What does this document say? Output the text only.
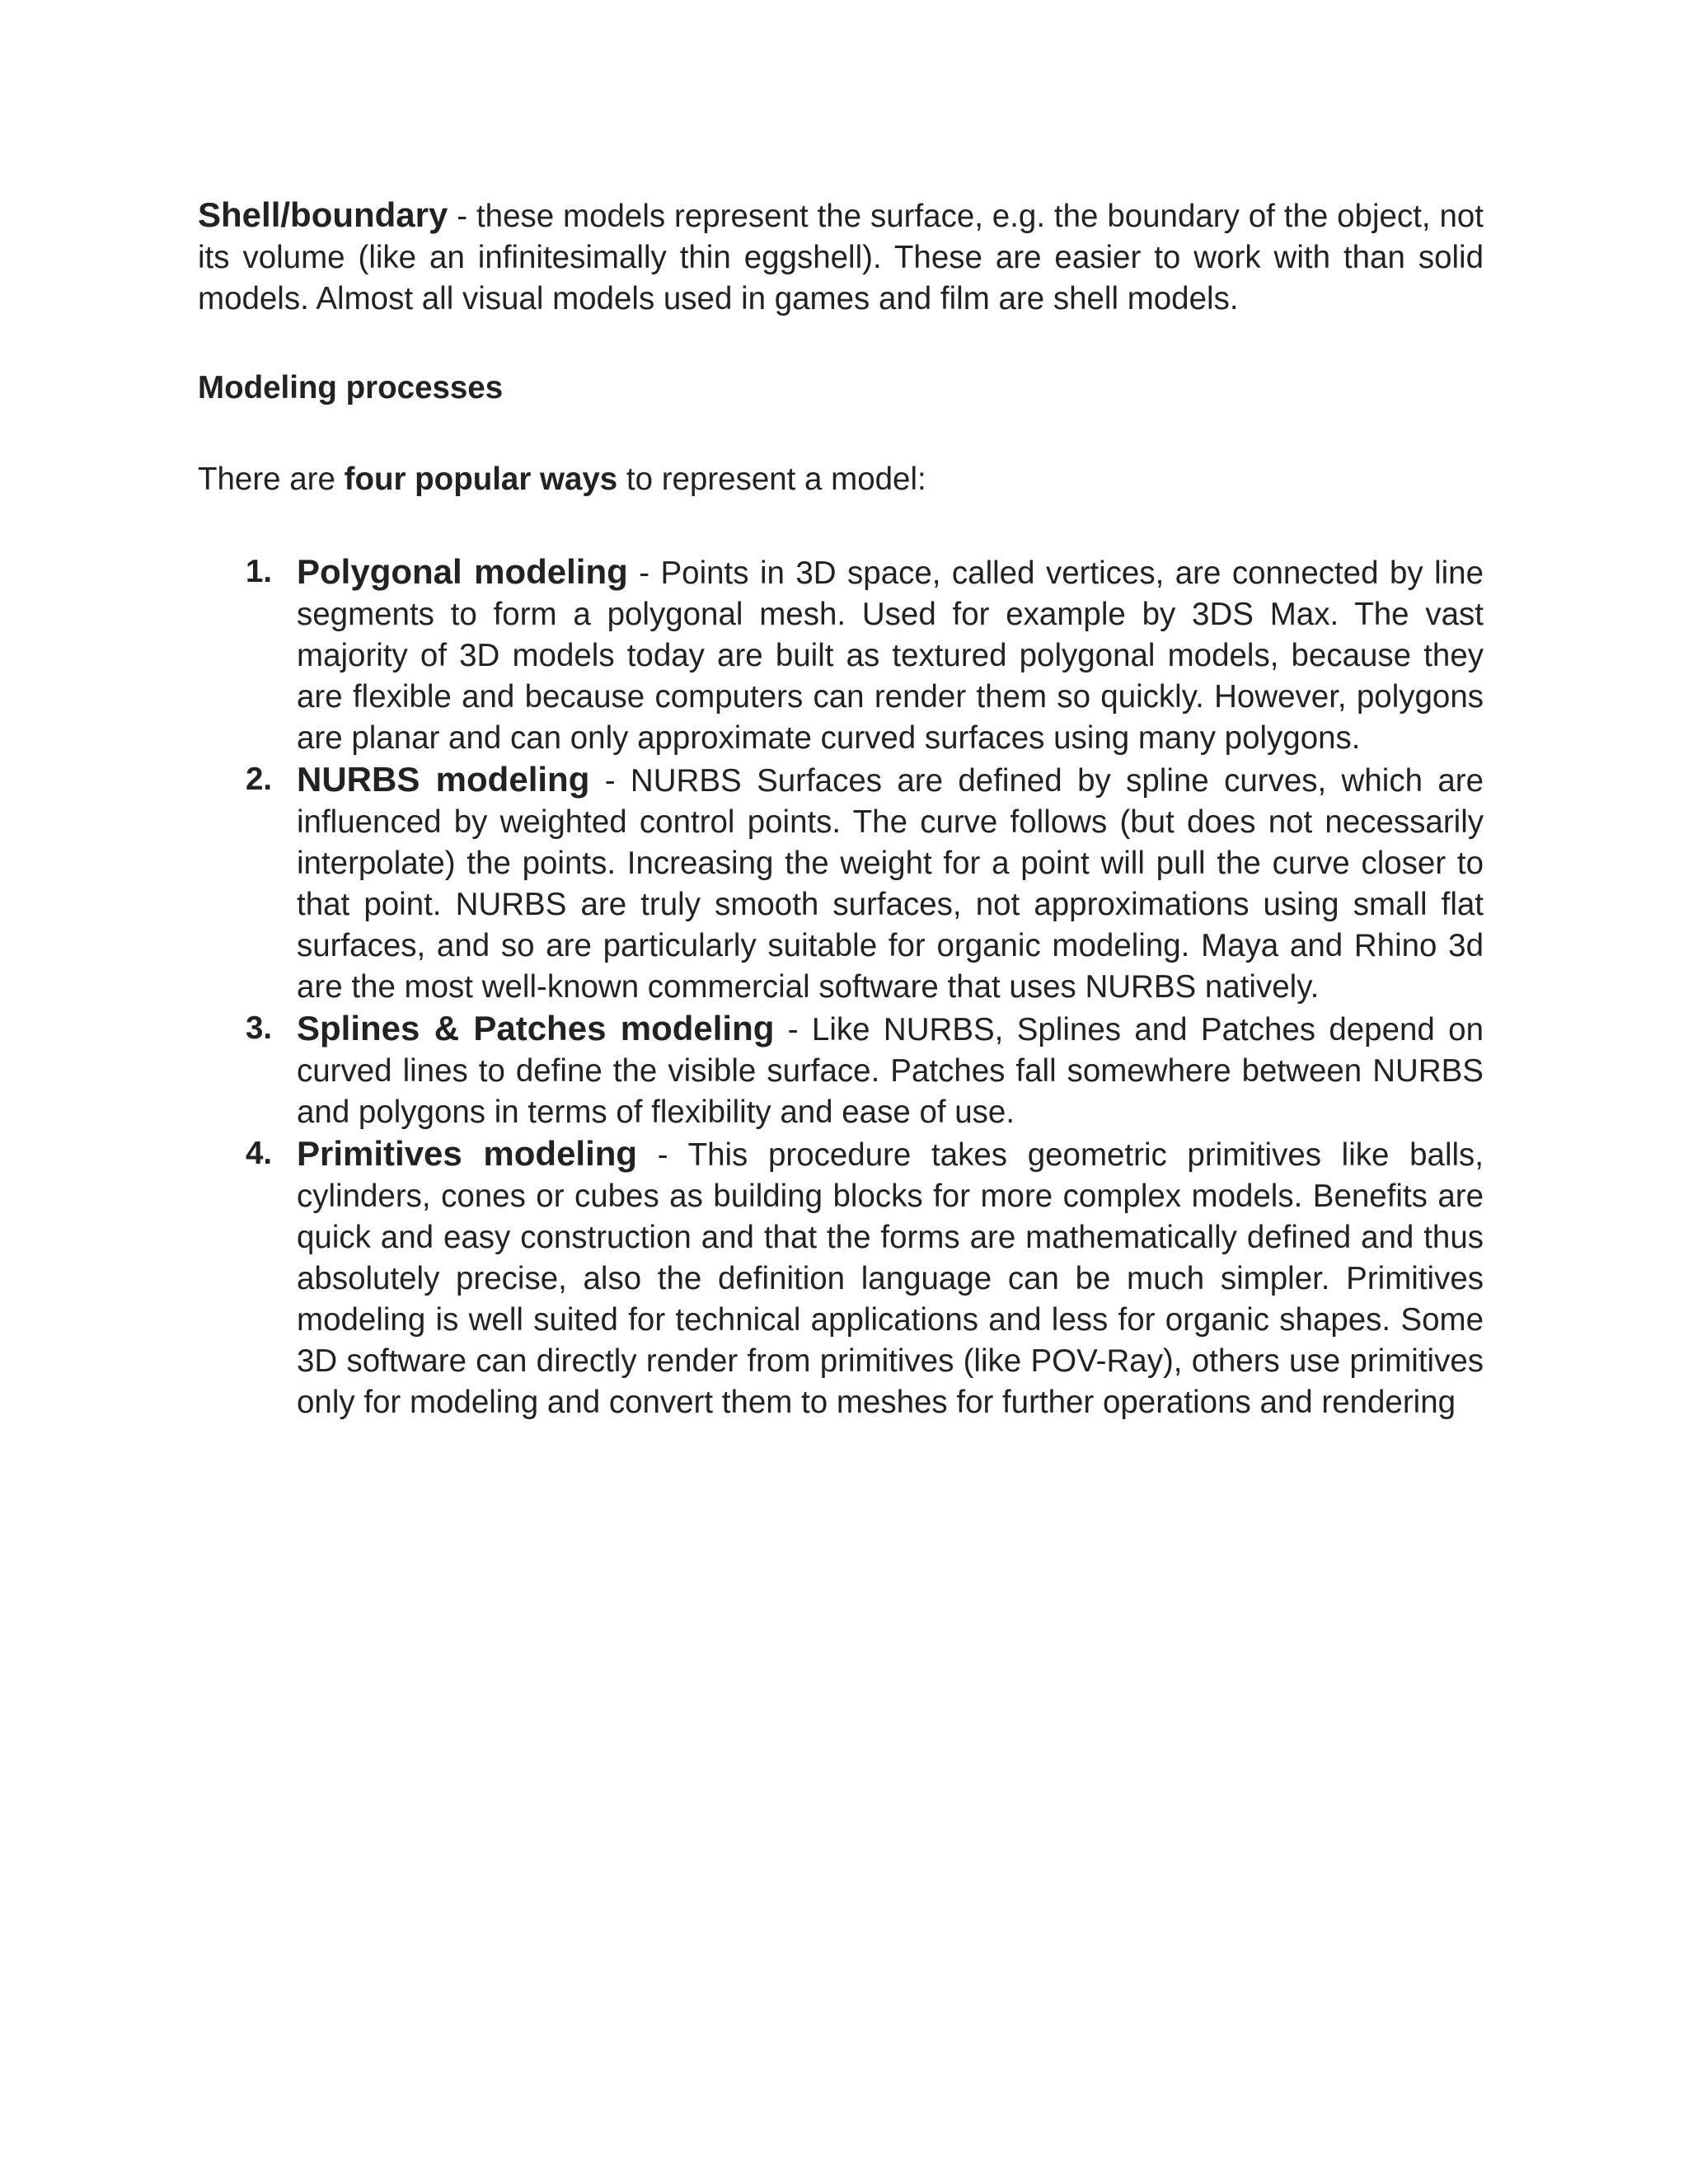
Shell/boundary - these models represent the surface, e.g. the boundary of the object, not its volume (like an infinitesimally thin eggshell). These are easier to work with than solid models. Almost all visual models used in games and film are shell models.

Modeling processes

There are four popular ways to represent a model:

1. Polygonal modeling - Points in 3D space, called vertices, are connected by line segments to form a polygonal mesh. Used for example by 3DS Max. The vast majority of 3D models today are built as textured polygonal models, because they are flexible and because computers can render them so quickly. However, polygons are planar and can only approximate curved surfaces using many polygons.
2. NURBS modeling - NURBS Surfaces are defined by spline curves, which are influenced by weighted control points. The curve follows (but does not necessarily interpolate) the points. Increasing the weight for a point will pull the curve closer to that point. NURBS are truly smooth surfaces, not approximations using small flat surfaces, and so are particularly suitable for organic modeling. Maya and Rhino 3d are the most well-known commercial software that uses NURBS natively.
3. Splines & Patches modeling - Like NURBS, Splines and Patches depend on curved lines to define the visible surface. Patches fall somewhere between NURBS and polygons in terms of flexibility and ease of use.
4. Primitives modeling - This procedure takes geometric primitives like balls, cylinders, cones or cubes as building blocks for more complex models. Benefits are quick and easy construction and that the forms are mathematically defined and thus absolutely precise, also the definition language can be much simpler. Primitives modeling is well suited for technical applications and less for organic shapes. Some 3D software can directly render from primitives (like POV-Ray), others use primitives only for modeling and convert them to meshes for further operations and rendering
